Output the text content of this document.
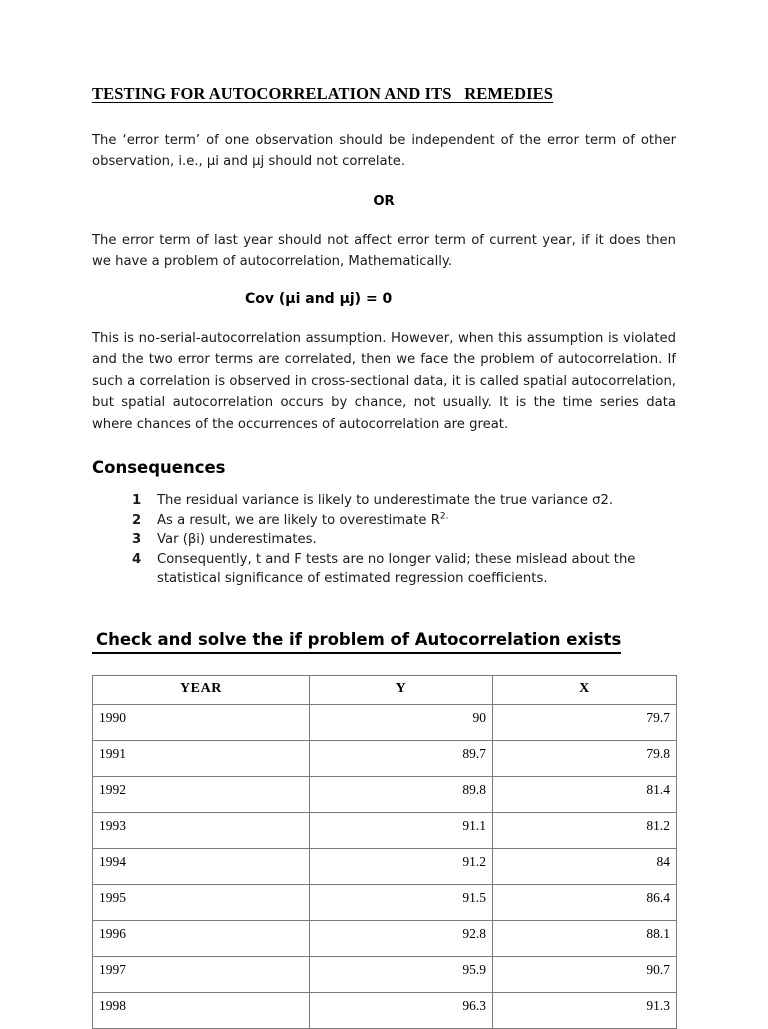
TESTING FOR AUTOCORRELATION AND ITS   REMEDIES

The ‘error term’ of one observation should be independent of the error term of other observation, i.e., μi and μj should not correlate.

OR

The error term of last year should not affect error term of current year, if it does then we have a problem of autocorrelation, Mathematically.

Cov (μi and μj) = 0

This is no-serial-autocorrelation assumption. However, when this assumption is violated and the two error terms are correlated, then we face the problem of autocorrelation. If such a correlation is observed in cross-sectional data, it is called spatial autocorrelation, but spatial autocorrelation occurs by chance, not usually. It is the time series data where chances of the occurrences of autocorrelation are great.

Consequences
1 The residual variance is likely to underestimate the true variance σ2.
2 As a result, we are likely to overestimate $R^{2.}$
3 Var (βi) underestimates.
4 Consequently, t and F tests are no longer valid; these mislead about the statistical significance of estimated regression coefficients.
Check and solve the if problem of Autocorrelation exists
YEAR	Y	X
1990	90	79.7
1991	89.7	79.8
1992	89.8	81.4
1993	91.1	81.2
1994	91.2	84
1995	91.5	86.4
1996	92.8	88.1
1997	95.9	90.7
1998	96.3	91.3
